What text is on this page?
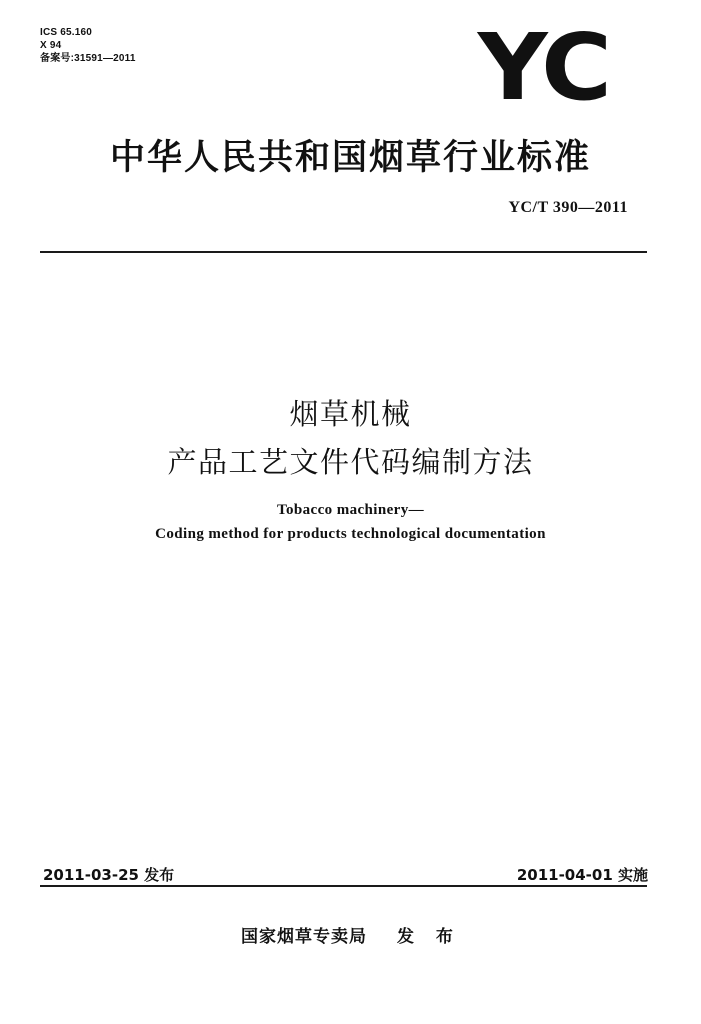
ICS 65.160
X 94
备案号:31591—2011	YC
中华人民共和国烟草行业标准
YC/T 390—2011
烟草机械
产品工艺文件代码编制方法
Tobacco machinery—
Coding method for products technological documentation
2011-03-25 发布	2011-04-01 实施
国家烟草专卖局 发 布
